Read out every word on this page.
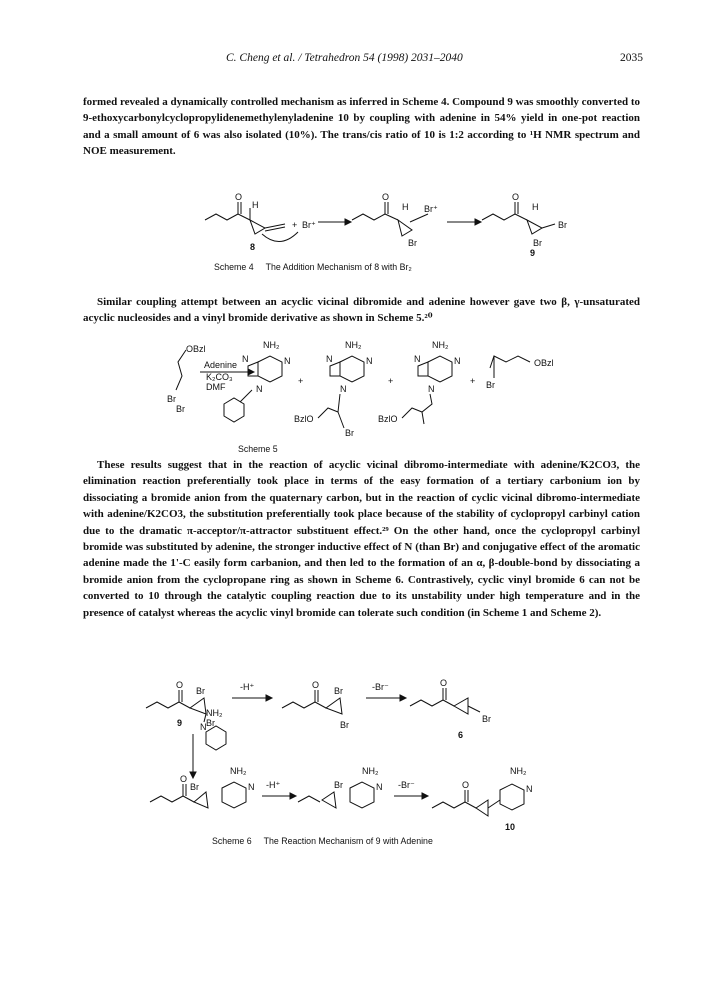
C. Cheng et al. / Tetrahedron 54 (1998) 2031–2040	2035

formed revealed a dynamically controlled mechanism as inferred in Scheme 4. Compound 9 was smoothly converted to 9-ethoxycarbonylcyclopropylidenemethylenyladenine 10 by coupling with adenine in 54% yield in one-pot reaction and a small amount of 6 was also isolated (10%). The trans/cis ratio of 10 is 1:2 according to ¹H NMR spectrum and NOE measurement.

O
H
8
+ Br⁺
O
H Br⁺
Br
O
H
Br
Br
9
Scheme 4 The Addition Mechanism of 8 with Br₂

Similar coupling attempt between an acyclic vicinal dibromide and adenine however gave two β, γ-unsaturated acyclic nucleosides and a vinyl bromide derivative as shown in Scheme 5.²⁰

OBzl
Br
Br
Adenine
K₂CO₃
DMF
NH₂
N	N
N
+
NH₂
N	N
N
BzlO
Br
+
NH₂
N	N
N
BzlO
+
OBzl
Br
Scheme 5

These results suggest that in the reaction of acyclic vicinal dibromo-intermediate with adenine/K2CO3, the elimination reaction preferentially took place in terms of the easy formation of a tertiary carbonium ion by dissociating a bromide anion from the quaternary carbon, but in the reaction of cyclic vicinal dibromo-intermediate with adenine/K2CO3, the substitution preferentially took place because of the stability of cyclopropyl carbinyl cation due to the dramatic π-acceptor/π-attractor substituent effect.²⁹ On the other hand, once the cyclopropyl carbinyl bromide was substituted by adenine, the stronger inductive effect of N (than Br) and conjugative effect of the aromatic adenine made the 1'-C easily form carbanion, and then led to the formation of an α, β-double-bond by dissociating a bromide anion from the cyclopropane ring as shown in Scheme 6. Contrastively, cyclic vinyl bromide 6 can not be converted to 10 through the catalytic coupling reaction due to its unstability under high temperature and in the presence of catalyst whereas the acyclic vinyl bromide can tolerate such condition (in Scheme 1 and Scheme 2).

O
Br
Br
9
-H⁺	O
Br
Br
-Br⁻	O
Br
6
NH₂
N
NH₂
O
Br	N -H⁺
NH₂
Br	N -Br⁻
NH₂
O	N
10
Scheme 6 The Reaction Mechanism of 9 with Adenine
